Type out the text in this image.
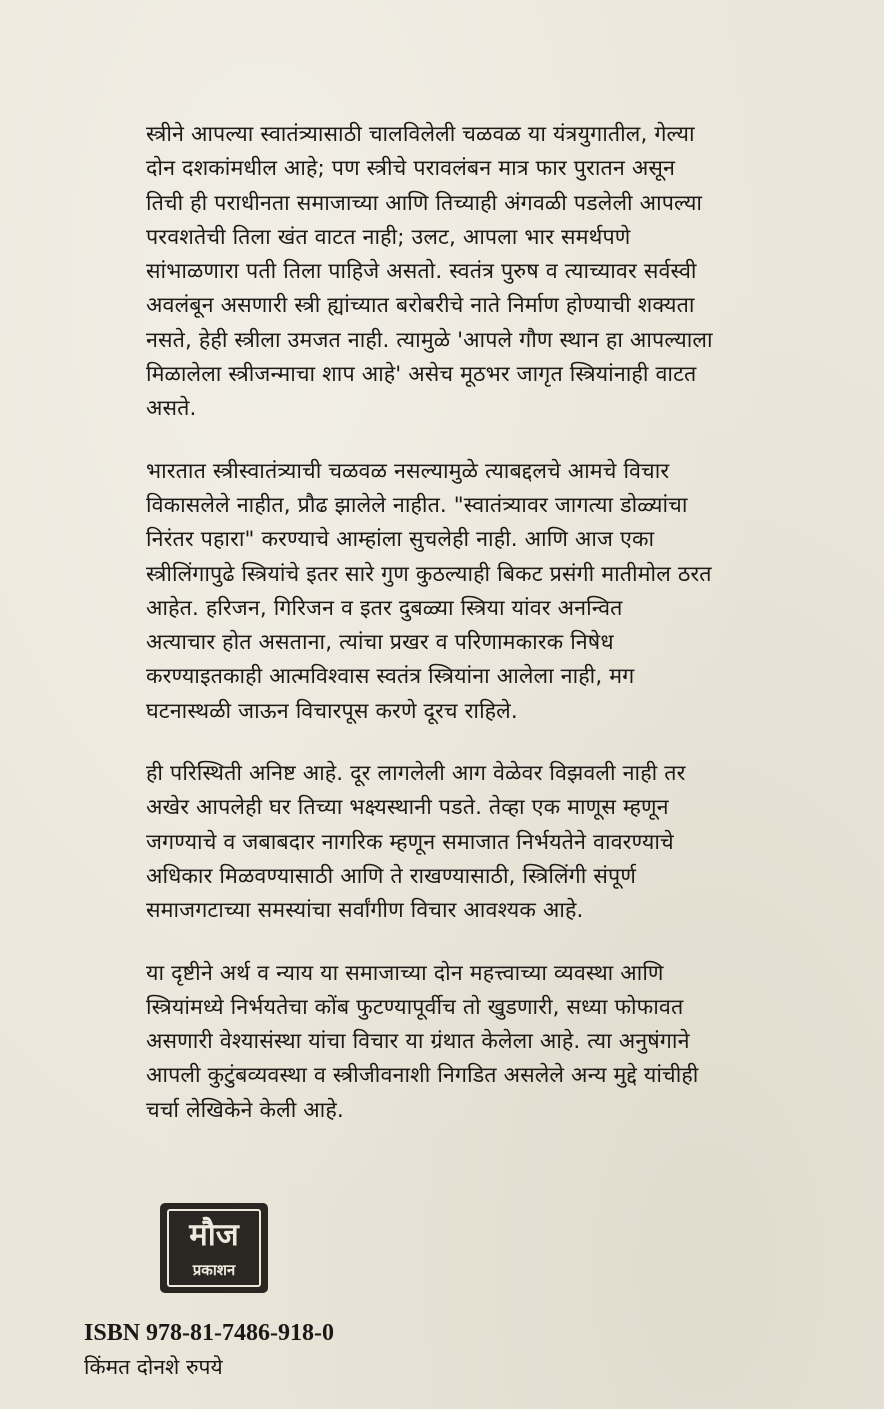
स्त्रीने आपल्या स्वातंत्र्यासाठी चालविलेली चळवळ या यंत्रयुगातील, गेल्या
दोन दशकांमधील आहे; पण स्त्रीचे परावलंबन मात्र फार पुरातन असून
तिची ही पराधीनता समाजाच्या आणि तिच्याही अंगवळी पडलेली आपल्या
परवशतेची तिला खंत वाटत नाही; उलट, आपला भार समर्थपणे
सांभाळणारा पती तिला पाहिजे असतो. स्वतंत्र पुरुष व त्याच्यावर सर्वस्वी
अवलंबून असणारी स्त्री ह्यांच्यात बरोबरीचे नाते निर्माण होण्याची शक्यता
नसते, हेही स्त्रीला उमजत नाही. त्यामुळे 'आपले गौण स्थान हा आपल्याला
मिळालेला स्त्रीजन्माचा शाप आहे' असेच मूठभर जागृत स्त्रियांनाही वाटत
असते.
भारतात स्त्रीस्वातंत्र्याची चळवळ नसल्यामुळे त्याबद्दलचे आमचे विचार
विकासलेले नाहीत, प्रौढ झालेले नाहीत. "स्वातंत्र्यावर जागत्या डोळ्यांचा
निरंतर पहारा" करण्याचे आम्हांला सुचलेही नाही. आणि आज एका
स्त्रीलिंगापुढे स्त्रियांचे इतर सारे गुण कुठल्याही बिकट प्रसंगी मातीमोल ठरत
आहेत. हरिजन, गिरिजन व इतर दुबळ्या स्त्रिया यांवर अनन्वित
अत्याचार होत असताना, त्यांचा प्रखर व परिणामकारक निषेध
करण्याइतकाही आत्मविश्वास स्वतंत्र स्त्रियांना आलेला नाही, मग
घटनास्थळी जाऊन विचारपूस करणे दूरच राहिले.
ही परिस्थिती अनिष्ट आहे. दूर लागलेली आग वेळेवर विझवली नाही तर
अखेर आपलेही घर तिच्या भक्ष्यस्थानी पडते. तेव्हा एक माणूस म्हणून
जगण्याचे व जबाबदार नागरिक म्हणून समाजात निर्भयतेने वावरण्याचे
अधिकार मिळवण्यासाठी आणि ते राखण्यासाठी, स्त्रिलिंगी संपूर्ण
समाजगटाच्या समस्यांचा सर्वांगीण विचार आवश्यक आहे.
या दृष्टीने अर्थ व न्याय या समाजाच्या दोन महत्त्वाच्या व्यवस्था आणि
स्त्रियांमध्ये निर्भयतेचा कोंब फुटण्यापूर्वीच तो खुडणारी, सध्या फोफावत
असणारी वेश्यासंस्था यांचा विचार या ग्रंथात केलेला आहे. त्या अनुषंगाने
आपली कुटुंबव्यवस्था व स्त्रीजीवनाशी निगडित असलेले अन्य मुद्दे यांचीही
चर्चा लेखिकेने केली आहे.
मौज
प्रकाशन
ISBN 978-81-7486-918-0
किंमत दोनशे रुपये
